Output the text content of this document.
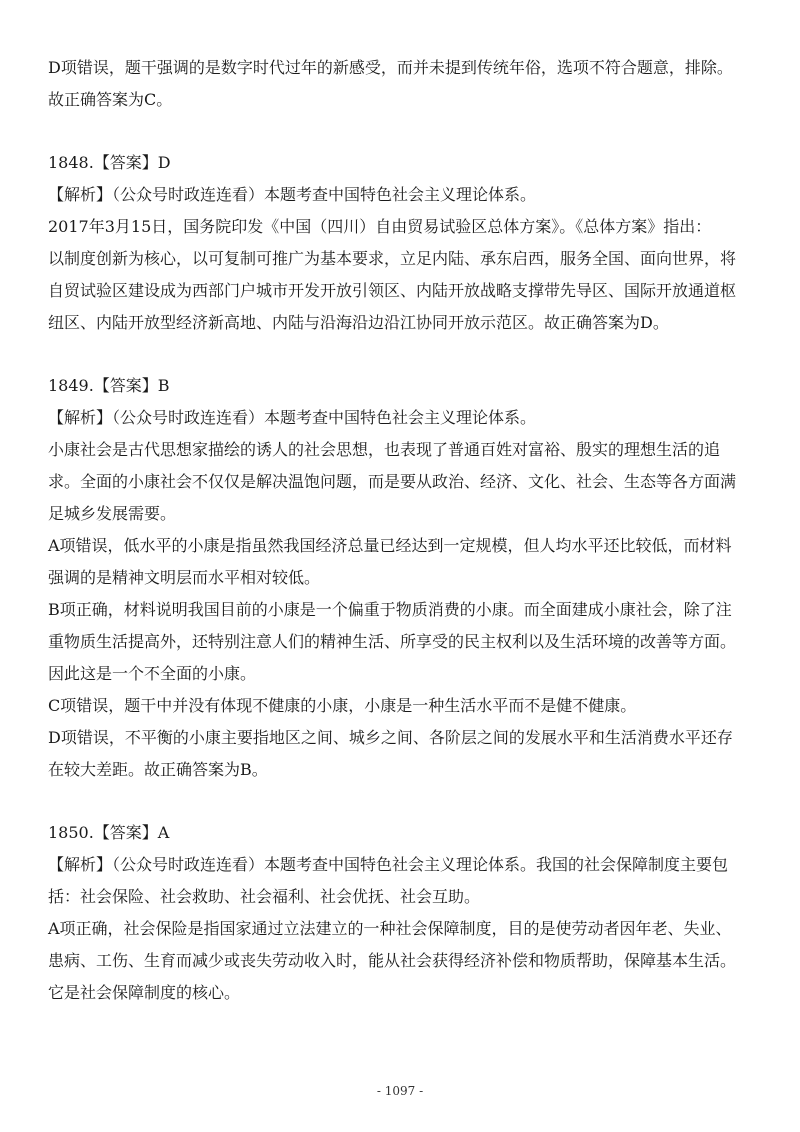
D项错误，题干强调的是数字时代过年的新感受，而并未提到传统年俗，选项不符合题意，排除。

故正确答案为C。

1848.【答案】D

【解析】（公众号时政连连看）本题考查中国特色社会主义理论体系。

2017年3月15日，国务院印发《中国（四川）自由贸易试验区总体方案》。《总体方案》指出：

以制度创新为核心，以可复制可推广为基本要求，立足内陆、承东启西，服务全国、面向世界，将

自贸试验区建设成为西部门户城市开发开放引领区、内陆开放战略支撑带先导区、国际开放通道枢

纽区、内陆开放型经济新高地、内陆与沿海沿边沿江协同开放示范区。故正确答案为D。

1849.【答案】B

【解析】（公众号时政连连看）本题考查中国特色社会主义理论体系。

小康社会是古代思想家描绘的诱人的社会思想，也表现了普通百姓对富裕、殷实的理想生活的追

求。全面的小康社会不仅仅是解决温饱问题，而是要从政治、经济、文化、社会、生态等各方面满

足城乡发展需要。

A项错误，低水平的小康是指虽然我国经济总量已经达到一定规模，但人均水平还比较低，而材料

强调的是精神文明层而水平相对较低。

B项正确，材料说明我国目前的小康是一个偏重于物质消费的小康。而全面建成小康社会，除了注

重物质生活提高外，还特别注意人们的精神生活、所享受的民主权利以及生活环境的改善等方面。

因此这是一个不全面的小康。

C项错误，题干中并没有体现不健康的小康，小康是一种生活水平而不是健不健康。

D项错误，不平衡的小康主要指地区之间、城乡之间、各阶层之间的发展水平和生活消费水平还存

在较大差距。故正确答案为B。

1850.【答案】A

【解析】（公众号时政连连看）本题考查中国特色社会主义理论体系。我国的社会保障制度主要包

括：社会保险、社会救助、社会福利、社会优抚、社会互助。

A项正确，社会保险是指国家通过立法建立的一种社会保障制度，目的是使劳动者因年老、失业、

患病、工伤、生育而减少或丧失劳动收入时，能从社会获得经济补偿和物质帮助，保障基本生活。

它是社会保障制度的核心。

- 1097 -
